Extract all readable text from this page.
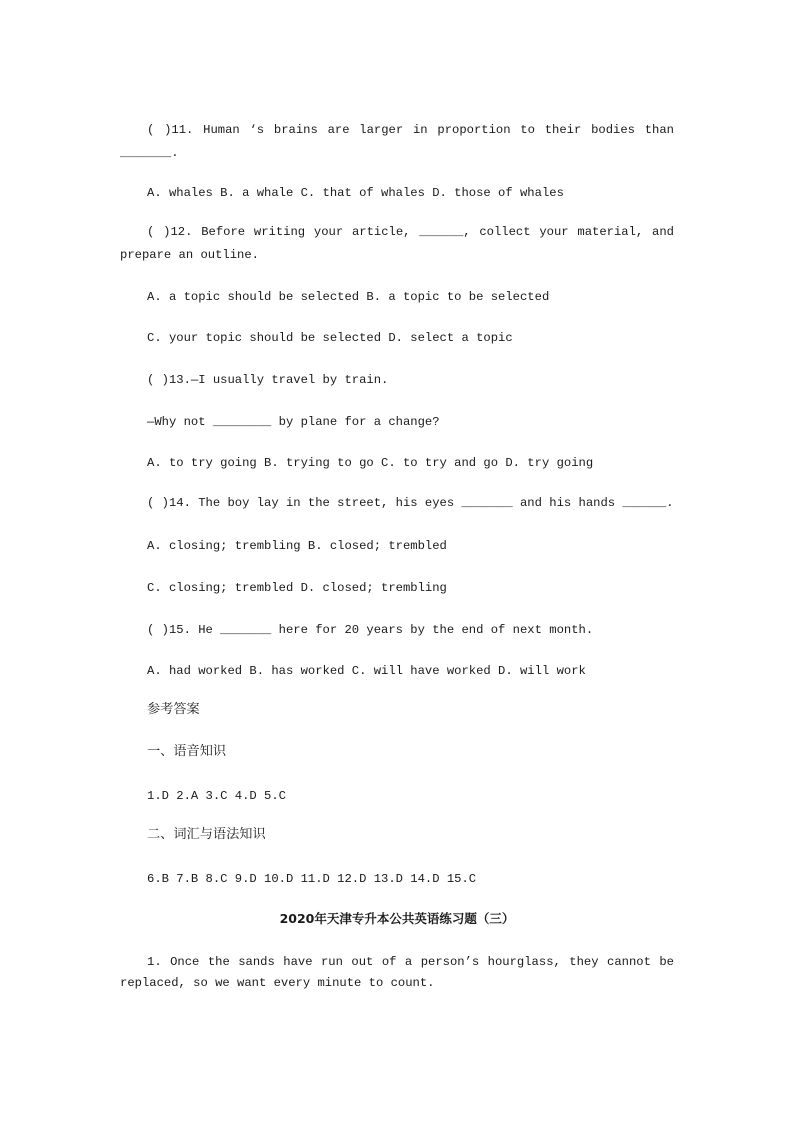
( )11. Human ‘s brains are larger in proportion to their bodies than

_______.

A. whales B. a whale C. that of whales D. those of whales

( )12. Before writing your article, ______, collect your material, and

prepare an outline.

A. a topic should be selected B. a topic to be selected

C. your topic should be selected D. select a topic

( )13.—I usually travel by train.

—Why not ________ by plane for a change?

A. to try going B. trying to go C. to try and go D. try going

( )14. The boy lay in the street, his eyes _______ and his hands ______.

A. closing; trembling B. closed; trembled

C. closing; trembled D. closed; trembling

( )15. He _______ here for 20 years by the end of next month.

A. had worked B. has worked C. will have worked D. will work

参考答案

一、语音知识

1.D 2.A 3.C 4.D 5.C

二、词汇与语法知识

6.B 7.B 8.C 9.D 10.D 11.D 12.D 13.D 14.D 15.C

2020年天津专升本公共英语练习题（三）

1. Once the sands have run out of a person’s hourglass, they cannot be

replaced, so we want every minute to count.
